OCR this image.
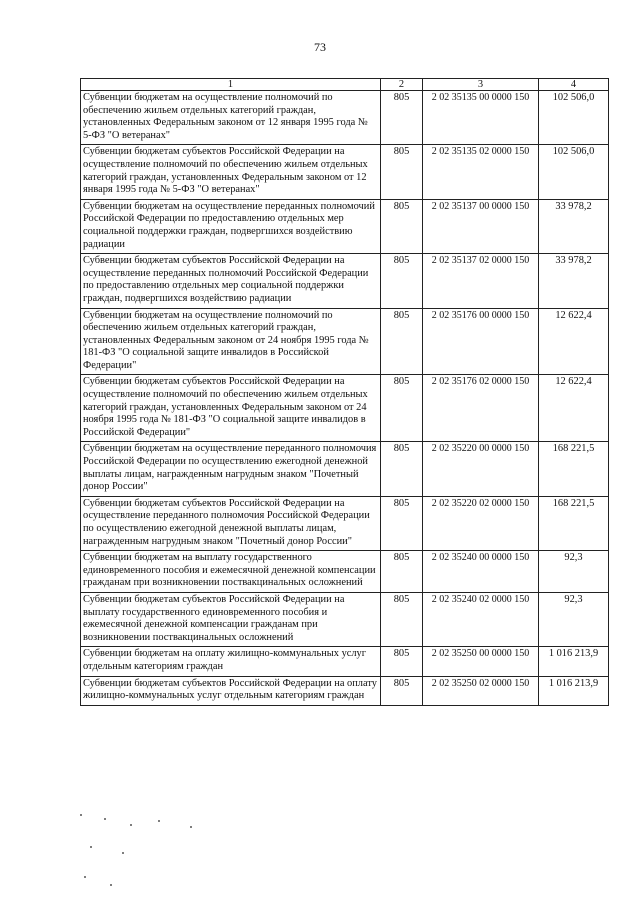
73
1	2	3	4
Субвенции бюджетам на осуществление полномочий по обеспечению жильем отдельных категорий граждан, установленных Федеральным законом от 12 января 1995 года № 5-ФЗ "О ветеранах"	805	2 02 35135 00 0000 150	102 506,0
Субвенции бюджетам субъектов Российской Федерации на осуществление полномочий по обеспечению жильем отдельных категорий граждан, установленных Федеральным законом от 12 января 1995 года № 5-ФЗ "О ветеранах"	805	2 02 35135 02 0000 150	102 506,0
Субвенции бюджетам на осуществление переданных полномочий Российской Федерации по предоставлению отдельных мер социальной поддержки граждан, подвергшихся воздействию радиации	805	2 02 35137 00 0000 150	33 978,2
Субвенции бюджетам субъектов Российской Федерации на осуществление переданных полномочий Российской Федерации по предоставлению отдельных мер социальной поддержки граждан, подвергшихся воздействию радиации	805	2 02 35137 02 0000 150	33 978,2
Субвенции бюджетам на осуществление полномочий по обеспечению жильем отдельных категорий граждан, установленных Федеральным законом от 24 ноября 1995 года № 181-ФЗ "О социальной защите инвалидов в Российской Федерации"	805	2 02 35176 00 0000 150	12 622,4
Субвенции бюджетам субъектов Российской Федерации на осуществление полномочий по обеспечению жильем отдельных категорий граждан, установленных Федеральным законом от 24 ноября 1995 года № 181-ФЗ "О социальной защите инвалидов в Российской Федерации"	805	2 02 35176 02 0000 150	12 622,4
Субвенции бюджетам на осуществление переданного полномочия Российской Федерации по осуществлению ежегодной денежной выплаты лицам, награжденным нагрудным знаком "Почетный донор России"	805	2 02 35220 00 0000 150	168 221,5
Субвенции бюджетам субъектов Российской Федерации на осуществление переданного полномочия Российской Федерации по осуществлению ежегодной денежной выплаты лицам, награжденным нагрудным знаком "Почетный донор России"	805	2 02 35220 02 0000 150	168 221,5
Субвенции бюджетам на выплату государственного единовременного пособия и ежемесячной денежной компенсации гражданам при возникновении поствакцинальных осложнений	805	2 02 35240 00 0000 150	92,3
Субвенции бюджетам субъектов Российской Федерации на выплату государственного единовременного пособия и ежемесячной денежной компенсации гражданам при возникновении поствакцинальных осложнений	805	2 02 35240 02 0000 150	92,3
Субвенции бюджетам на оплату жилищно-коммунальных услуг отдельным категориям граждан	805	2 02 35250 00 0000 150	1 016 213,9
Субвенции бюджетам субъектов Российской Федерации на оплату жилищно-коммунальных услуг отдельным категориям граждан	805	2 02 35250 02 0000 150	1 016 213,9
